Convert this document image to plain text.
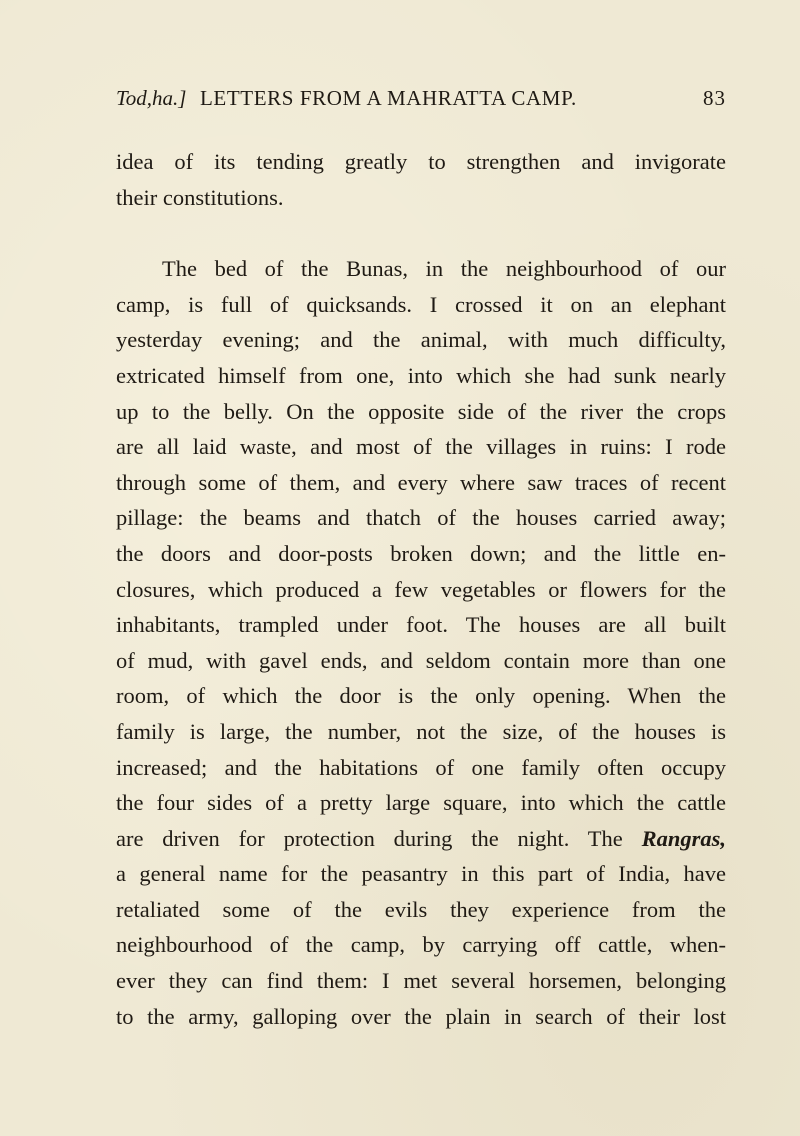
Tod,ha.] LETTERS FROM A MAHRATTA CAMP.	83
idea of its tending greatly to strengthen and invigorate
their constitutions.
The bed of the Bunas, in the neighbourhood of our
camp, is full of quicksands. I crossed it on an elephant
yesterday evening; and the animal, with much difficulty,
extricated himself from one, into which she had sunk nearly
up to the belly. On the opposite side of the river the crops
are all laid waste, and most of the villages in ruins: I rode
through some of them, and every where saw traces of recent
pillage: the beams and thatch of the houses carried away;
the doors and door-posts broken down; and the little en-
closures, which produced a few vegetables or flowers for the
inhabitants, trampled under foot. The houses are all built
of mud, with gavel ends, and seldom contain more than one
room, of which the door is the only opening. When the
family is large, the number, not the size, of the houses is
increased; and the habitations of one family often occupy
the four sides of a pretty large square, into which the cattle
are driven for protection during the night. The Rangras,
a general name for the peasantry in this part of India, have
retaliated some of the evils they experience from the
neighbourhood of the camp, by carrying off cattle, when-
ever they can find them: I met several horsemen, belonging
to the army, galloping over the plain in search of their lost
